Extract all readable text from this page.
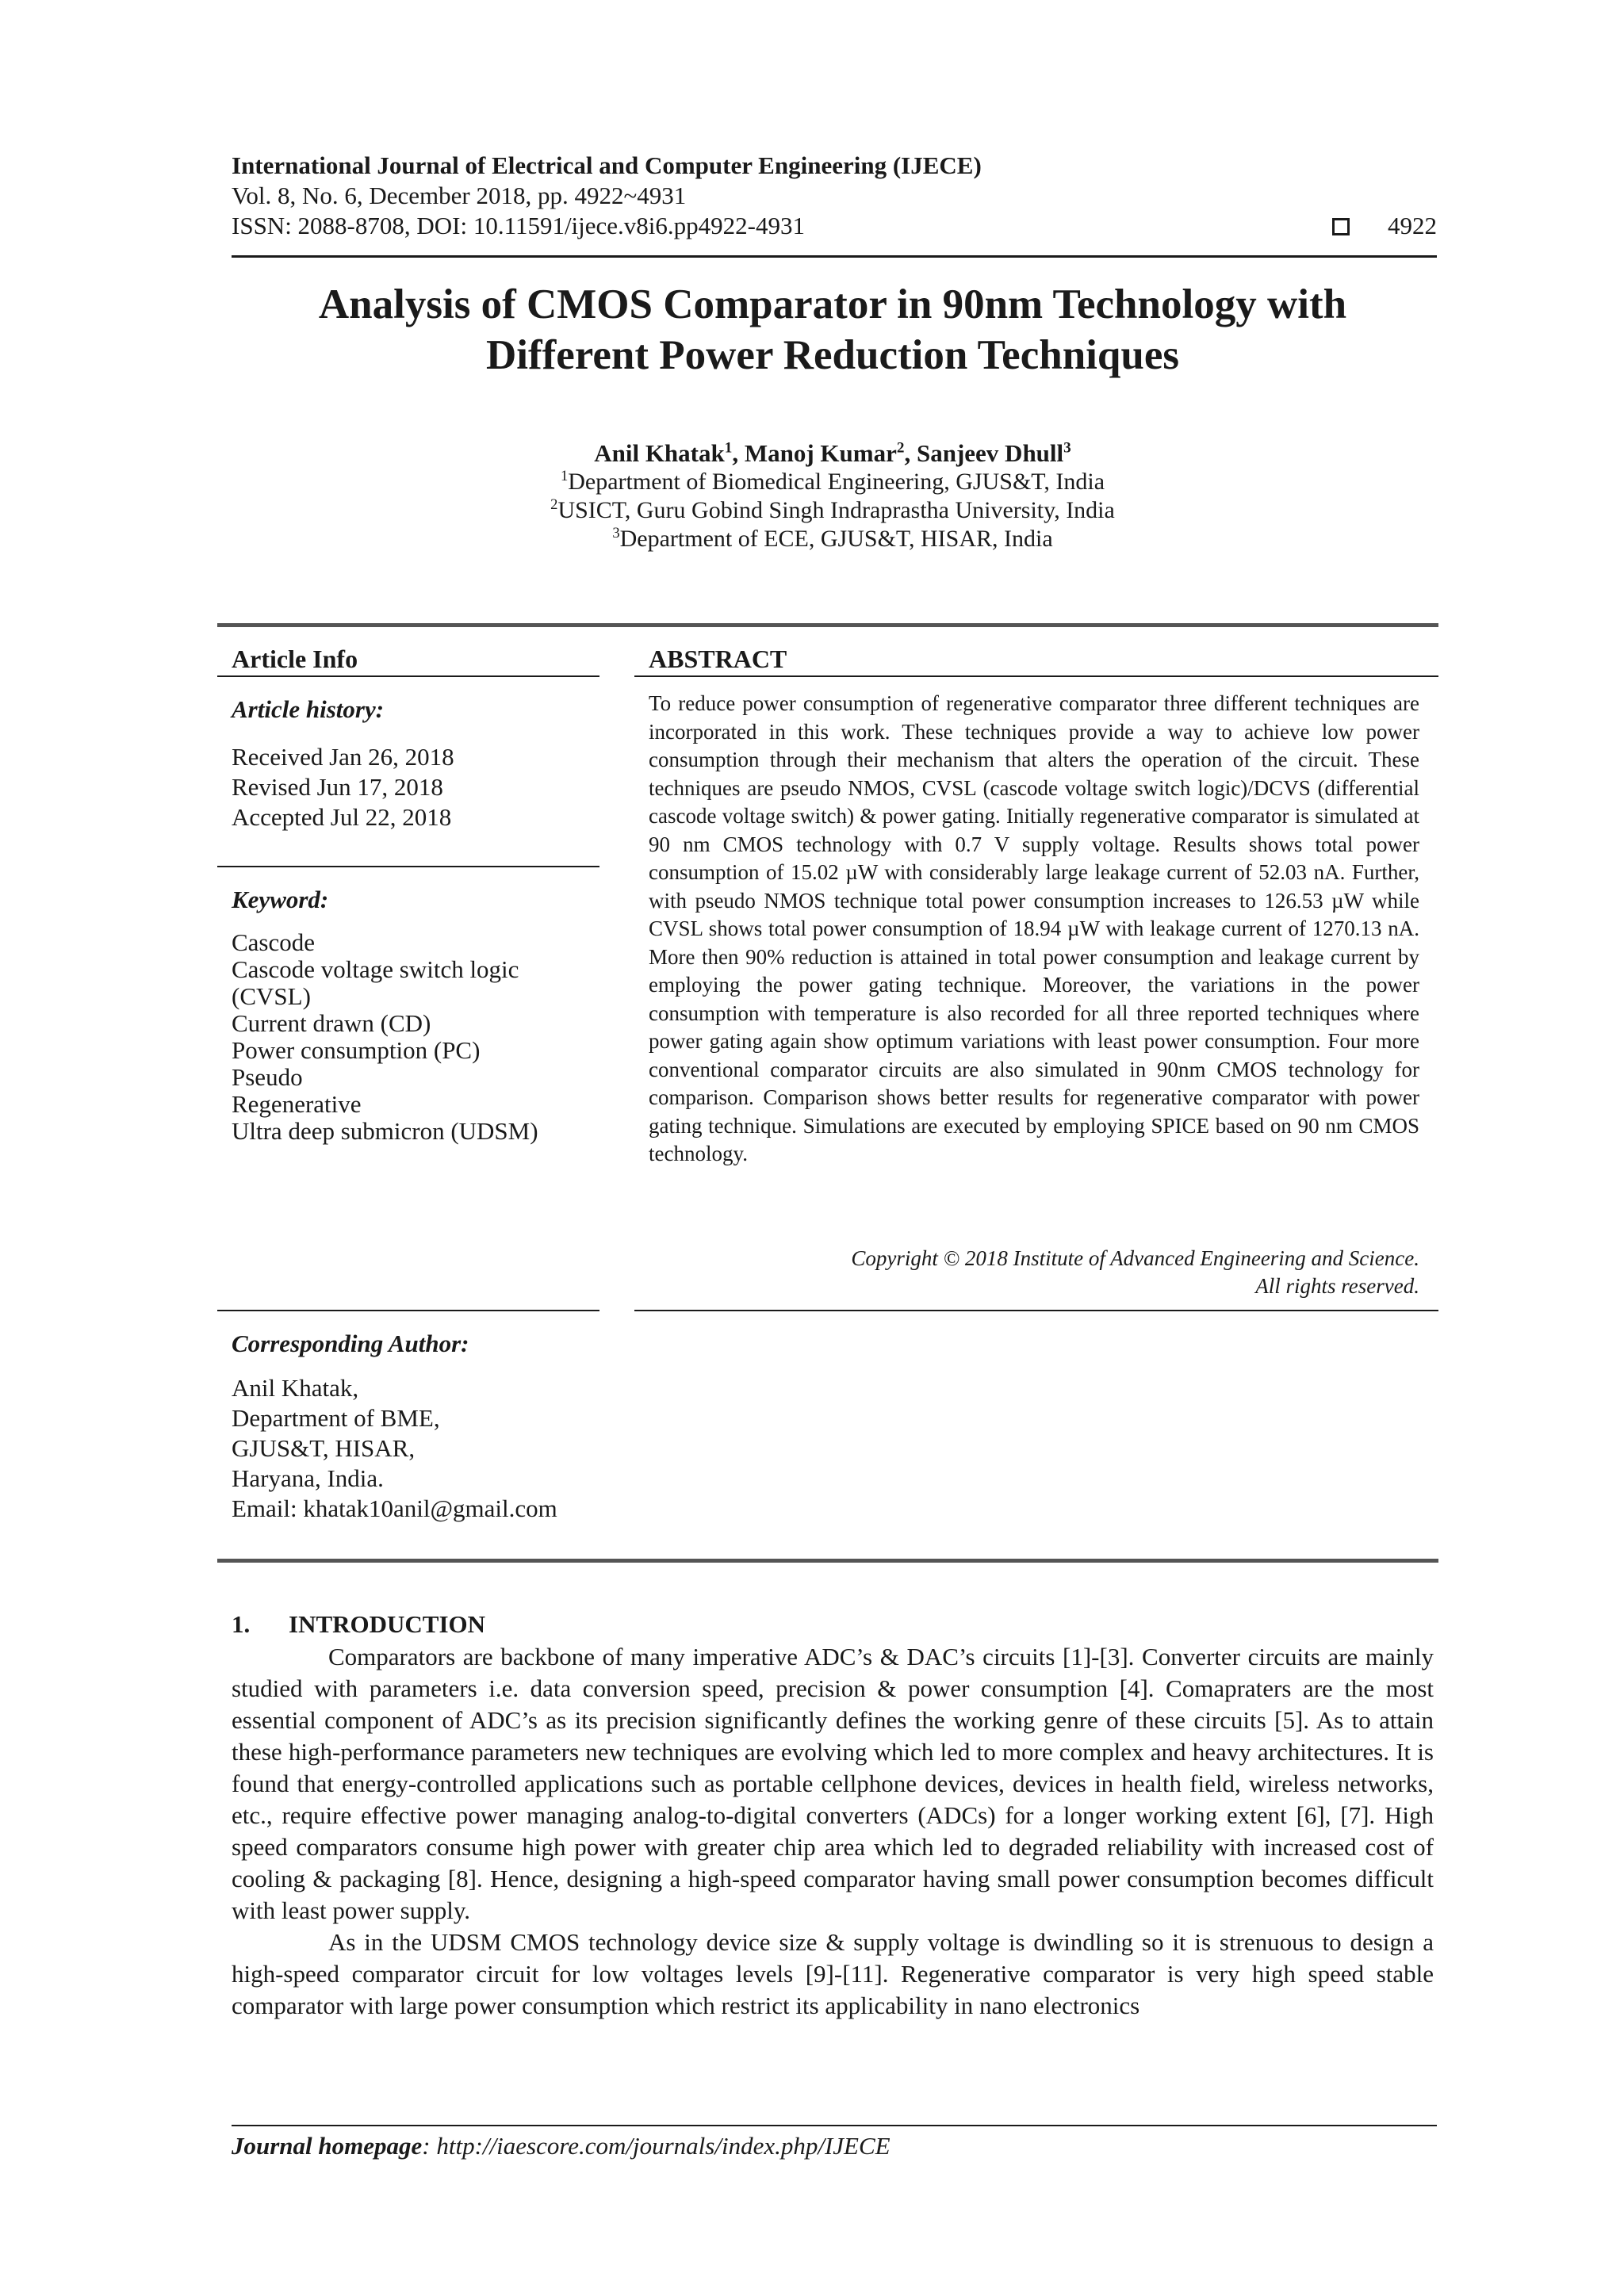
International Journal of Electrical and Computer Engineering (IJECE)
Vol. 8, No. 6, December 2018, pp. 4922~4931
ISSN: 2088-8708, DOI: 10.11591/ijece.v8i6.pp4922-4931	4922
Analysis of CMOS Comparator in 90nm Technology with
Different Power Reduction Techniques
Anil Khatak$^1$, Manoj Kumar$^2$, Sanjeev Dhull$^3$
$^1$Department of Biomedical Engineering, GJUS&T, India
$^2$USICT, Guru Gobind Singh Indraprastha University, India
$^3$Department of ECE, GJUS&T, HISAR, India
Article Info
Article history:
Received Jan 26, 2018
Revised Jun 17, 2018
Accepted Jul 22, 2018
Keyword:
Cascode
Cascode voltage switch logic
(CVSL)
Current drawn (CD)
Power consumption (PC)
Pseudo
Regenerative
Ultra deep submicron (UDSM)
ABSTRACT
To reduce power consumption of regenerative comparator three different techniques are incorporated in this work. These techniques provide a way to achieve low power consumption through their mechanism that alters the operation of the circuit. These techniques are pseudo NMOS, CVSL (cascode voltage switch logic)/DCVS (differential cascode voltage switch) & power gating. Initially regenerative comparator is simulated at 90 nm CMOS technology with 0.7 V supply voltage. Results shows total power consumption of 15.02 µW with considerably large leakage current of 52.03 nA. Further, with pseudo NMOS technique total power consumption increases to 126.53 µW while CVSL shows total power consumption of 18.94 µW with leakage current of 1270.13 nA. More then 90% reduction is attained in total power consumption and leakage current by employing the power gating technique. Moreover, the variations in the power consumption with temperature is also recorded for all three reported techniques where power gating again show optimum variations with least power consumption. Four more conventional comparator circuits are also simulated in 90nm CMOS technology for comparison. Comparison shows better results for regenerative comparator with power gating technique. Simulations are executed by employing SPICE based on 90 nm CMOS technology.
Copyright © 2018 Institute of Advanced Engineering and Science.
All rights reserved.
Corresponding Author:
Anil Khatak,
Department of BME,
GJUS&T, HISAR,
Haryana, India.
Email: khatak10anil@gmail.com
1. INTRODUCTION

Comparators are backbone of many imperative ADC’s & DAC’s circuits [1]-[3]. Converter circuits are mainly studied with parameters i.e. data conversion speed, precision & power consumption [4]. Comapraters are the most essential component of ADC’s as its precision significantly defines the working genre of these circuits [5]. As to attain these high-performance parameters new techniques are evolving which led to more complex and heavy architectures. It is found that energy-controlled applications such as portable cellphone devices, devices in health field, wireless networks, etc., require effective power managing analog-to-digital converters (ADCs) for a longer working extent [6], [7]. High speed comparators consume high power with greater chip area which led to degraded reliability with increased cost of cooling & packaging [8]. Hence, designing a high-speed comparator having small power consumption becomes difficult with least power supply.

As in the UDSM CMOS technology device size & supply voltage is dwindling so it is strenuous to design a high-speed comparator circuit for low voltages levels [9]-[11]. Regenerative comparator is very high speed stable comparator with large power consumption which restrict its applicability in nano electronics

Journal homepage: http://iaescore.com/journals/index.php/IJECE
